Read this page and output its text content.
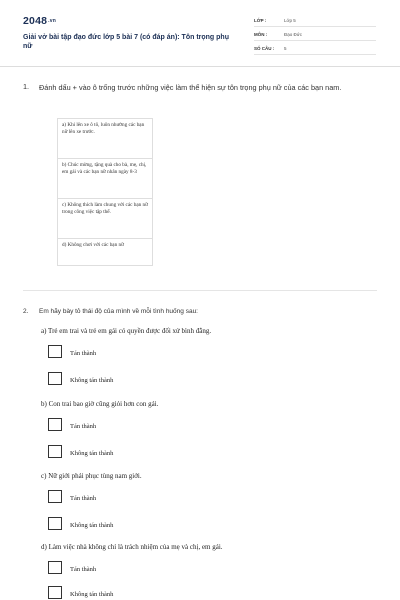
2048.vn
Giải vở bài tập đạo đức lớp 5 bài 7 (có đáp án): Tôn trọng phụ nữ
LỚP :	Lớp 5
MÔN :	Đạo Đức
SỐ CÂU : 5
1. Đánh dấu + vào ô trống trước những việc làm thể hiện sự tôn trọng phụ nữ của các bạn nam.
a) Khi lên xe ô tô, luôn nhường các bạn nữ lên xe trước.
b) Chúc mừng, tặng quà cho bà, mẹ, chị, em gái và các bạn nữ nhân ngày 8-3
c) Không thích làm chung với các bạn nữ trong công việc tập thể.
d) Không chơi với các bạn nữ
2. Em hãy bày tỏ thái độ của mình về mỗi tình huống sau:
a) Trẻ em trai và trẻ em gái có quyền được đối xử bình đẳng.
Tán thành
Không tán thành
b) Con trai bao giờ cũng giỏi hơn con gái.
Tán thành
Không tán thành
c) Nữ giới phải phục tùng nam giới.
Tán thành
Không tán thành
d) Làm việc nhà không chỉ là trách nhiệm của mẹ và chị, em gái.
Tán thành
Không tán thành
